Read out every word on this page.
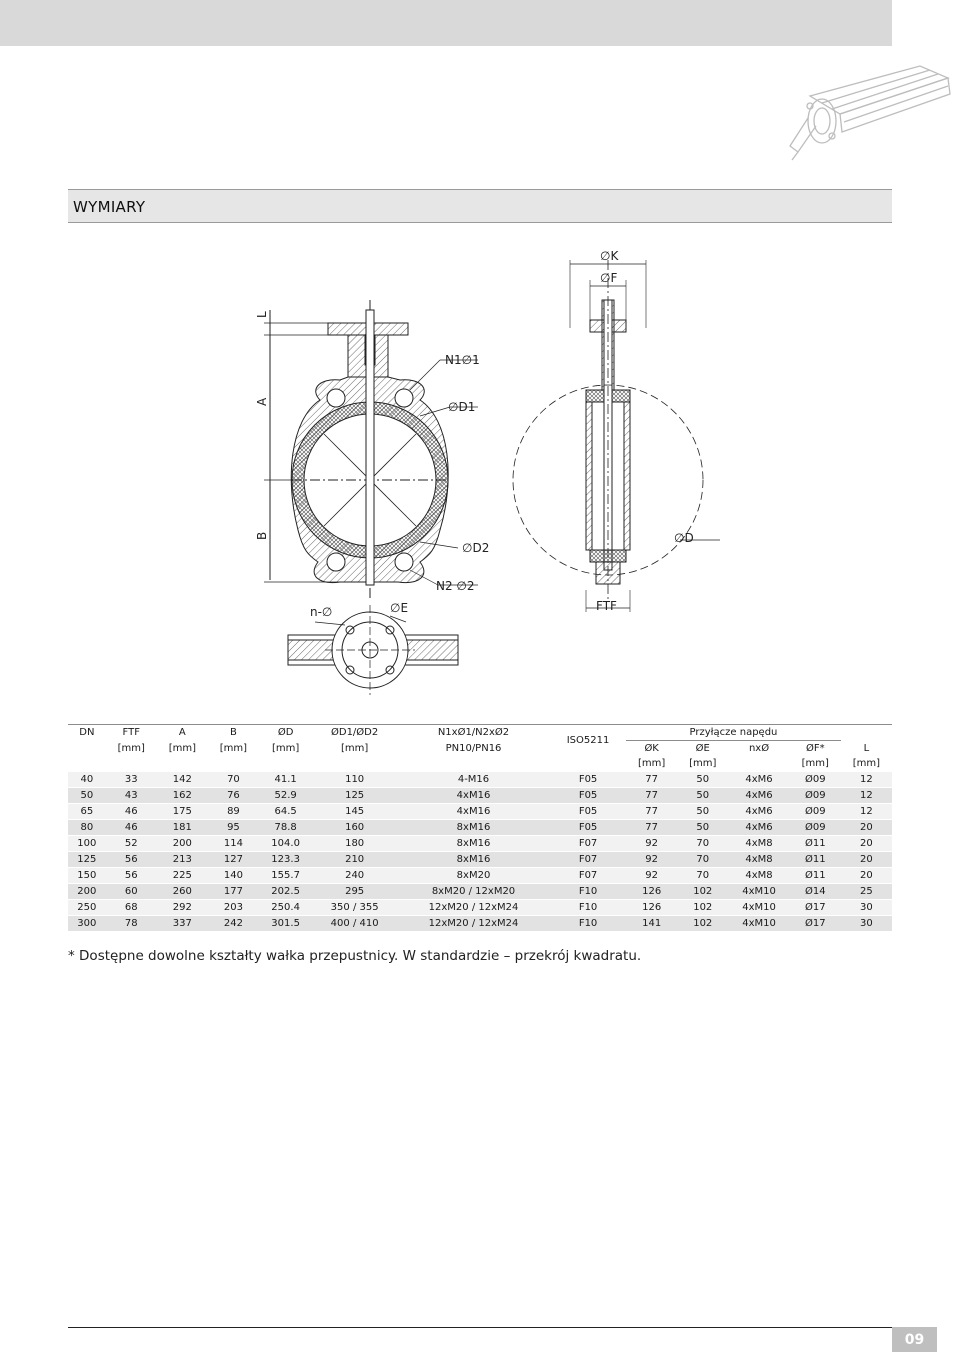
WYMIARY
∅K
∅F
L
A
B
N1∅1
∅D1
∅D2
N2 ∅2
∅D
n-∅	∅E	FTF
DN	FTF	A	B	ØD	ØD1/ØD2	N1xØ1/N2xØ2	ISO5211	Przyłącze napędu				
	[mm]	[mm]	[mm]	[mm]	[mm]	PN10/PN16		ØK	ØE	nxØ	ØF*	L
								[mm]	[mm]		[mm]	[mm]
40	33	142	70	41.1	110	4-M16	F05	77	50	4xM6	Ø09	12
50	43	162	76	52.9	125	4xM16	F05	77	50	4xM6	Ø09	12
65	46	175	89	64.5	145	4xM16	F05	77	50	4xM6	Ø09	12
80	46	181	95	78.8	160	8xM16	F05	77	50	4xM6	Ø09	20
100	52	200	114	104.0	180	8xM16	F07	92	70	4xM8	Ø11	20
125	56	213	127	123.3	210	8xM16	F07	92	70	4xM8	Ø11	20
150	56	225	140	155.7	240	8xM20	F07	92	70	4xM8	Ø11	20
200	60	260	177	202.5	295	8xM20 / 12xM20	F10	126	102	4xM10	Ø14	25
250	68	292	203	250.4	350 / 355	12xM20 / 12xM24	F10	126	102	4xM10	Ø17	30
300	78	337	242	301.5	400 / 410	12xM20 / 12xM24	F10	141	102	4xM10	Ø17	30
* Dostępne dowolne kształty wałka przepustnicy. W standardzie – przekrój kwadratu.
09
